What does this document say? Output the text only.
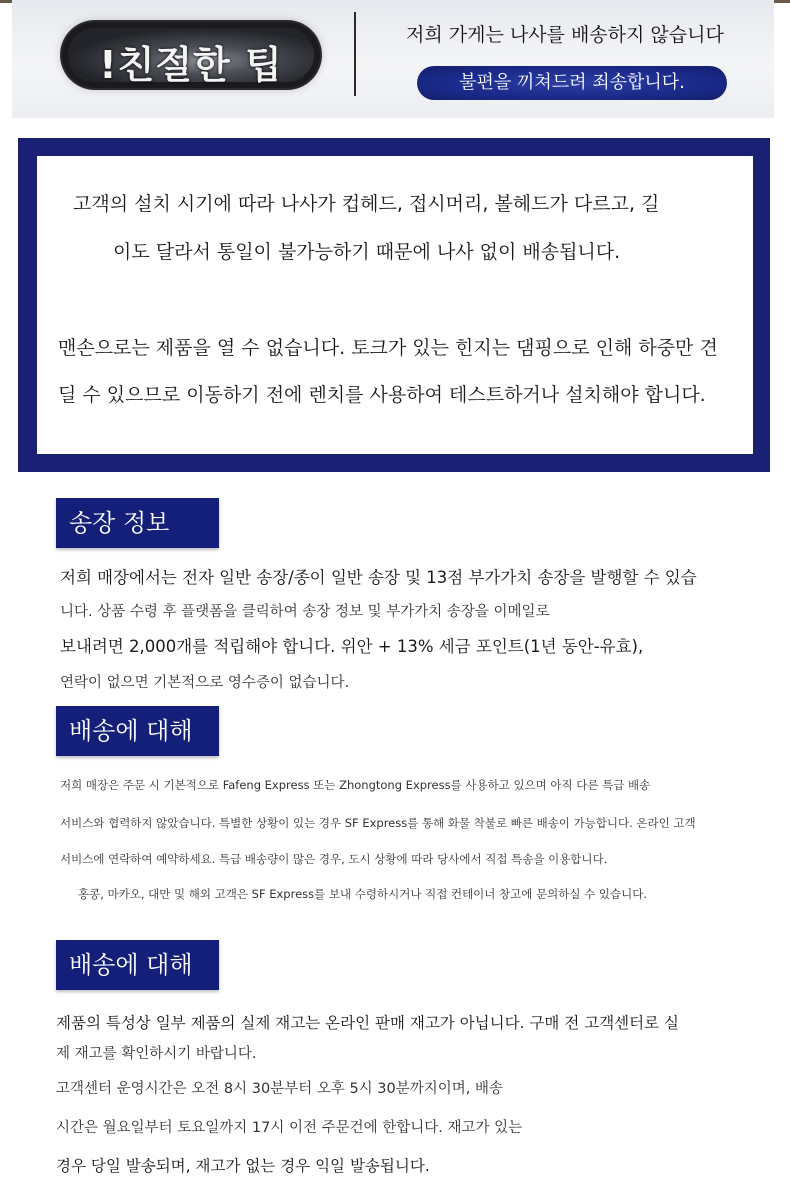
!친절한 팁
저희 가게는 나사를 배송하지 않습니다
불편을 끼쳐드려 죄송합니다.
고객의 설치 시기에 따라 나사가 컵헤드, 접시머리, 볼헤드가 다르고, 길
이도 달라서 통일이 불가능하기 때문에 나사 없이 배송됩니다.
맨손으로는 제품을 열 수 없습니다. 토크가 있는 힌지는 댐핑으로 인해 하중만 견
딜 수 있으므로 이동하기 전에 렌치를 사용하여 테스트하거나 설치해야 합니다.
송장 정보
저희 매장에서는 전자 일반 송장/종이 일반 송장 및 13점 부가가치 송장을 발행할 수 있습
니다. 상품 수령 후 플랫폼을 클릭하여 송장 정보 및 부가가치 송장을 이메일로
보내려면 2,000개를 적립해야 합니다. 위안 + 13% 세금 포인트(1년 동안-유효),
연락이 없으면 기본적으로 영수증이 없습니다.
배송에 대해
저희 매장은 주문 시 기본적으로 Fafeng Express 또는 Zhongtong Express를 사용하고 있으며 아직 다른 특급 배송
서비스와 협력하지 않았습니다. 특별한 상황이 있는 경우 SF Express를 통해 화물 착불로 빠른 배송이 가능합니다. 온라인 고객
서비스에 연락하여 예약하세요. 특급 배송량이 많은 경우, 도시 상황에 따라 당사에서 직접 특송을 이용합니다.
홍콩, 마카오, 대만 및 해외 고객은 SF Express를 보내 수령하시거나 직접 컨테이너 창고에 문의하실 수 있습니다.
배송에 대해
제품의 특성상 일부 제품의 실제 재고는 온라인 판매 재고가 아닙니다. 구매 전 고객센터로 실
제 재고를 확인하시기 바랍니다.
고객센터 운영시간은 오전 8시 30분부터 오후 5시 30분까지이며, 배송
시간은 월요일부터 토요일까지 17시 이전 주문건에 한합니다. 재고가 있는
경우 당일 발송되며, 재고가 없는 경우 익일 발송됩니다.
